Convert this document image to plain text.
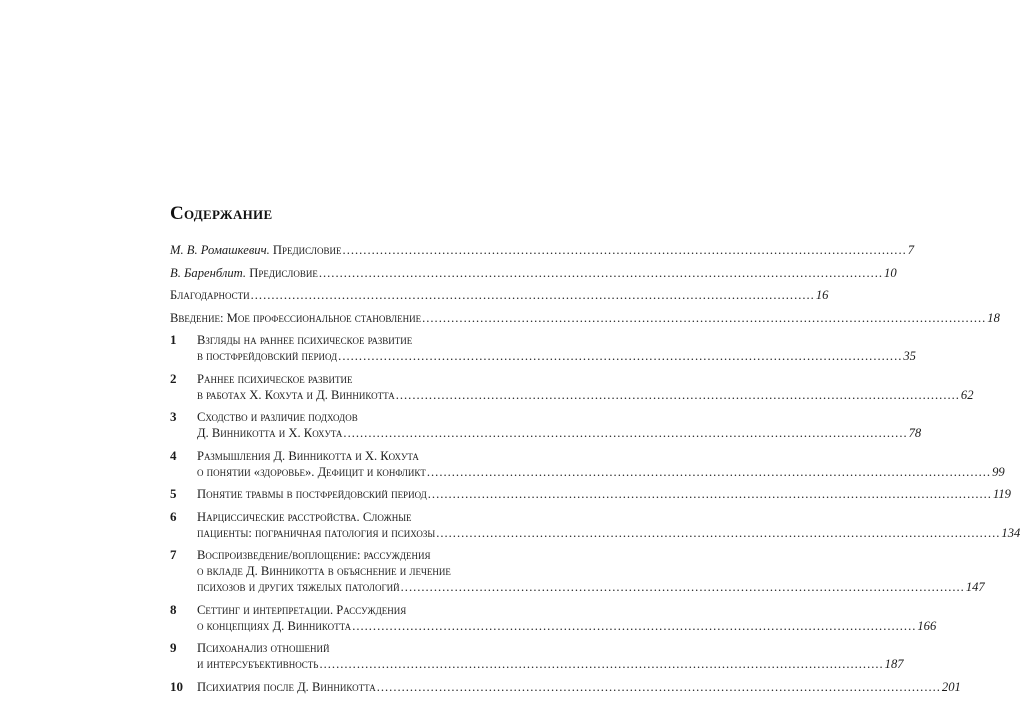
Содержание
М. В. Ромашкевич.
Предисловие .....	7
В. Баренблит.
Предисловие .....	10
Благодарности .....	16
Введение: Мое профессиональное становление .....	18
1	Взгляды на раннее психическое развитие
в постфрейдовский период .....	35
2	Раннее психическое развитие
в работах Х. Кохута и Д. Винникотта .....	62
3	Сходство и различие подходов
Д. Винникотта и Х. Кохута .....	78
4	Размышления Д. Винникотта и Х. Кохута
о понятии «здоровье». Дефицит и конфликт .....	99
5	Понятие травмы в постфрейдовский период .....	119
6	Нарциссические расстройства. Сложные
пациенты: пограничная патология и психозы .....	134
7	Воспроизведение/воплощение: рассуждения
о вкладе Д. Винникотта в объяснение и лечение
психозов и других тяжелых патологий .....	147
8	Сеттинг и интерпретации. Рассуждения
о концепциях Д. Винникотта .....	166
9	Психоанализ отношений
и интерсубъективность .....	187
10	Психиатрия после Д. Винникотта .....	201
